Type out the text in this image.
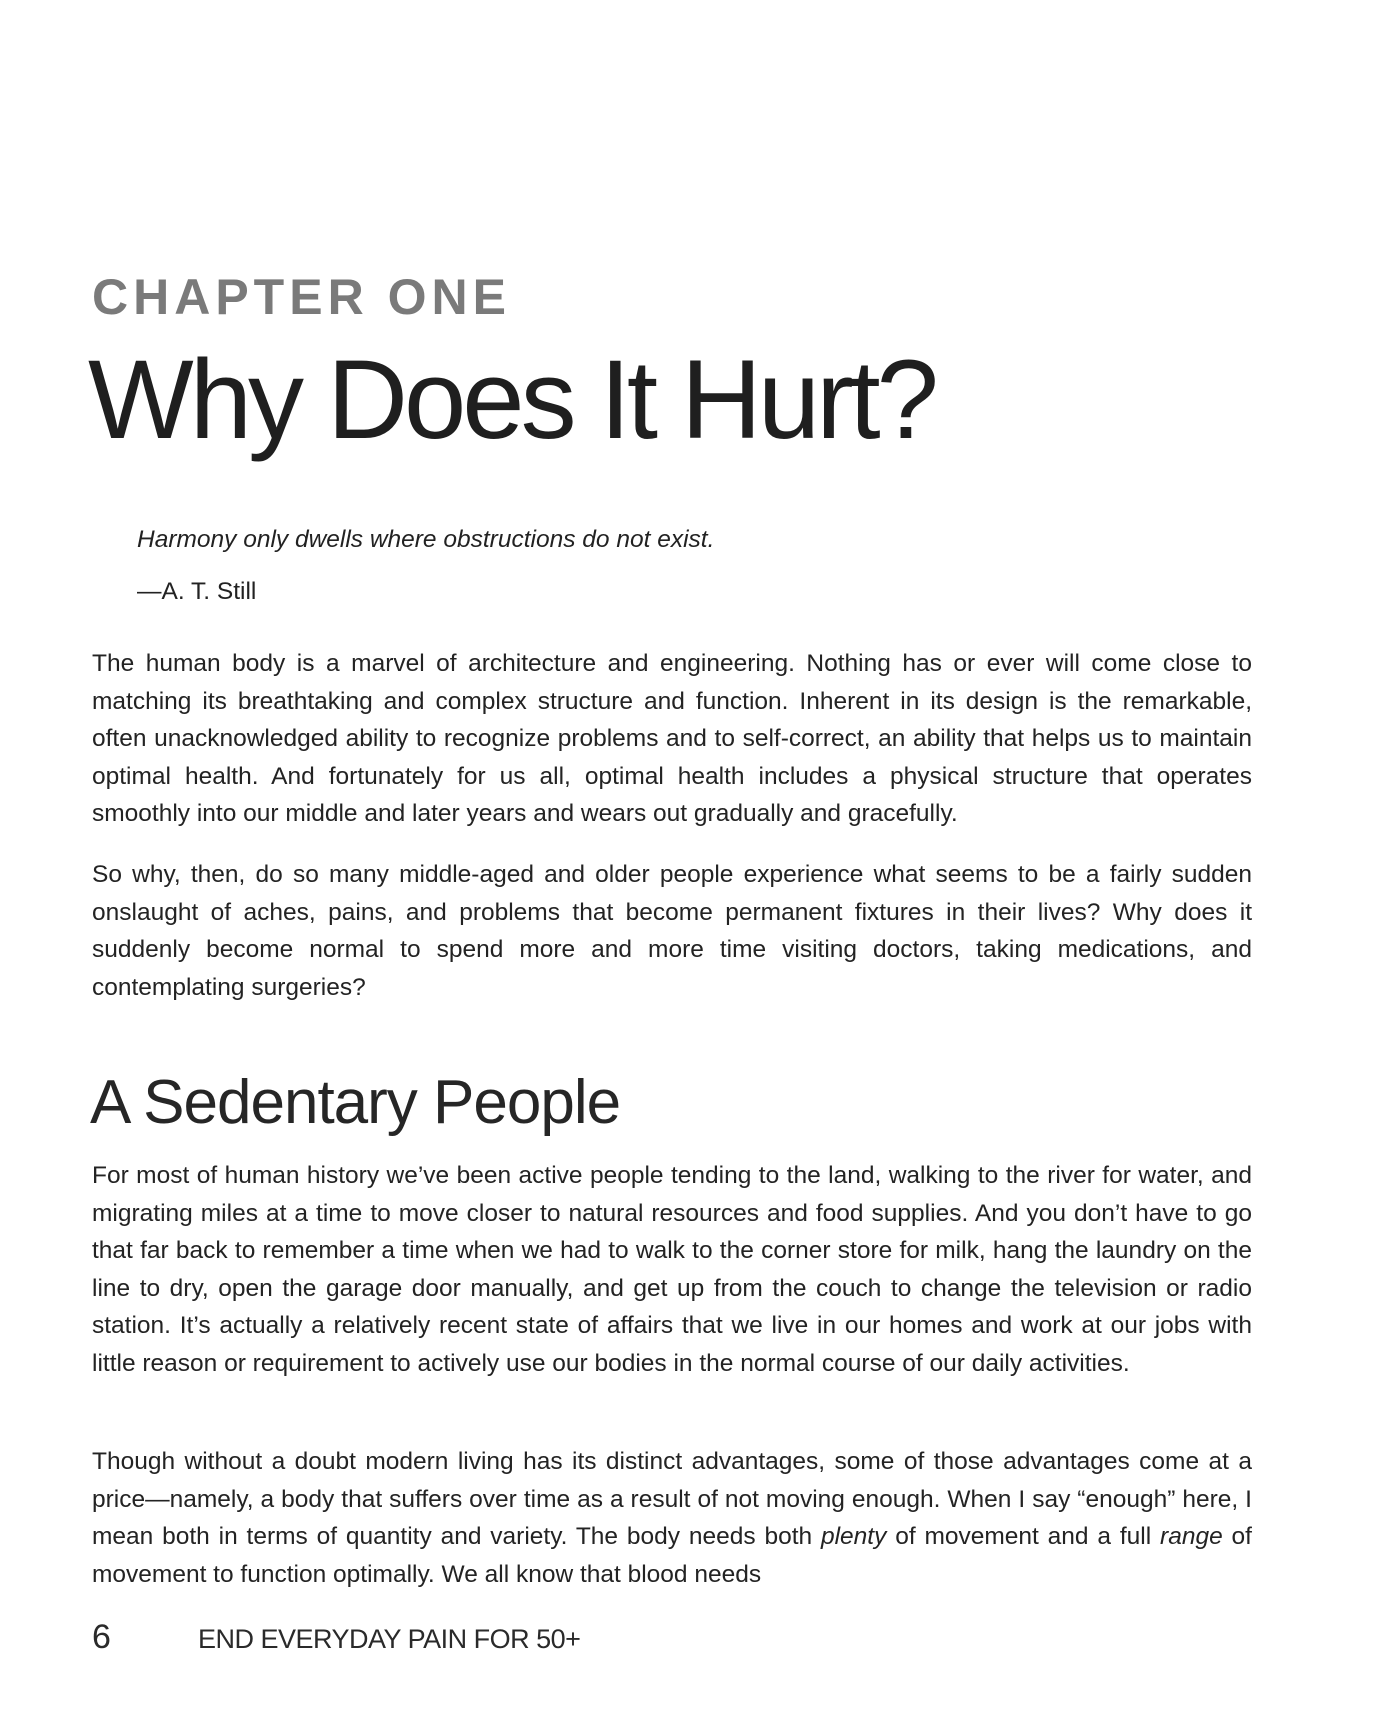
CHAPTER ONE
Why Does It Hurt?
Harmony only dwells where obstructions do not exist.
—A. T. Still

The human body is a marvel of architecture and engineering. Nothing has or ever will come close to matching its breathtaking and complex structure and function. Inherent in its design is the remarkable, often unacknowledged ability to recognize problems and to self-correct, an ability that helps us to maintain optimal health. And fortunately for us all, optimal health includes a physical structure that operates smoothly into our middle and later years and wears out gradually and gracefully.

So why, then, do so many middle-aged and older people experience what seems to be a fairly sudden onslaught of aches, pains, and problems that become permanent fixtures in their lives? Why does it suddenly become normal to spend more and more time visiting doctors, taking medications, and contemplating surgeries?

A Sedentary People

For most of human history we’ve been active people tending to the land, walking to the river for water, and migrating miles at a time to move closer to natural resources and food supplies. And you don’t have to go that far back to remember a time when we had to walk to the corner store for milk, hang the laundry on the line to dry, open the garage door manually, and get up from the couch to change the television or radio station. It’s actually a relatively recent state of affairs that we live in our homes and work at our jobs with little reason or requirement to actively use our bodies in the normal course of our daily activities.

Though without a doubt modern living has its distinct advantages, some of those advantages come at a price—namely, a body that suffers over time as a result of not moving enough. When I say “enough” here, I mean both in terms of quantity and variety. The body needs both plenty of movement and a full range of movement to function optimally. We all know that blood needs

6	END EVERYDAY PAIN FOR 50+
